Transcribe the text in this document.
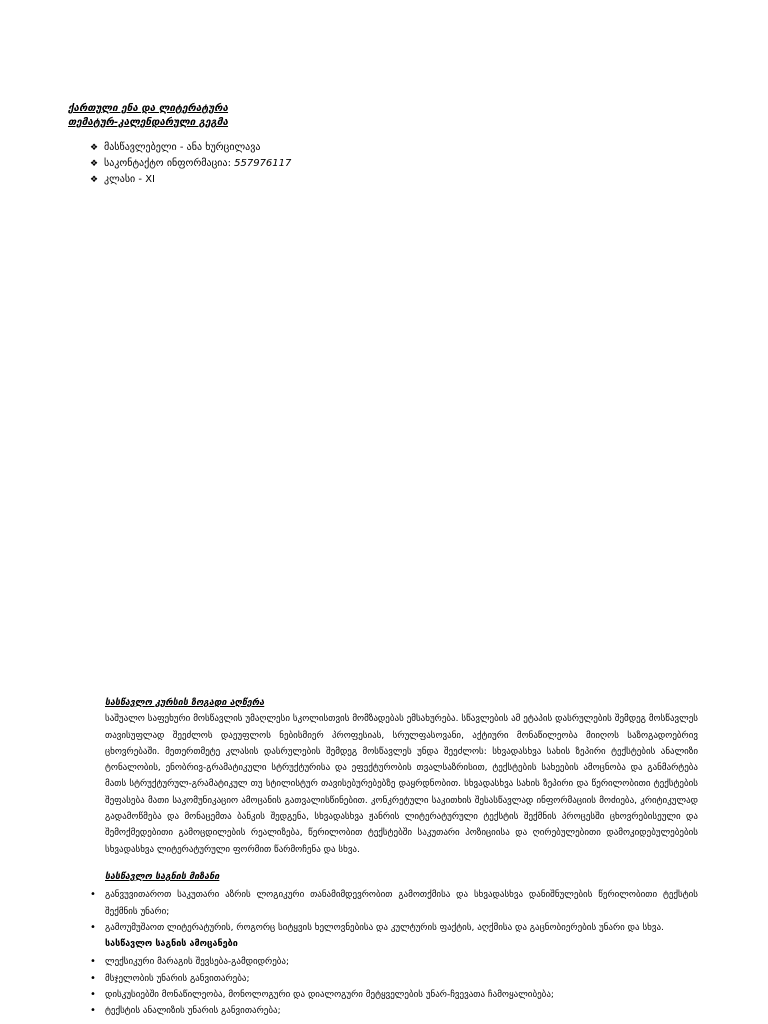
ქართული ენა და ლიტერატურა
თემატურ-კალენდარული გეგმა
❖ მასწავლებელი - ანა ხურცილავა
❖ საკონტაქტო ინფორმაცია: 557976117
❖ კლასი - XI
სასწავლო კურსის ზოგადი აღწერა

საშუალო საფეხური მოსწავლის უმაღლესი სკოლისთვის მომზადებას ემსახურება. სწავლების ამ ეტაპის დასრულების შემდეგ მოსწავლეს თავისუფლად შეეძლოს დაეუფლოს ნებისმიერ პროფესიას, სრულფასოვანი, აქტიური მონაწილეობა მიიღოს საზოგადოებრივ ცხოვრებაში. მეთერთმეტე კლასის დასრულების შემდეგ მოსწავლეს უნდა შეეძლოს: სხვადასხვა სახის ზეპირი ტექსტების ანალიზი ტონალობის, ენობრივ-გრამატიკული სტრუქტურისა და ეფექტურობის თვალსაზრისით, ტექსტების სახეების ამოცნობა და განმარტება მათს სტრუქტურულ-გრამატიკულ თუ სტილისტურ თავისებურებებზე დაყრდნობით. სხვადასხვა სახის ზეპირი და წერილობითი ტექსტების შეფასება მათი საკომუნიკაციო ამოცანის გათვალისწინებით. კონკრეტული საკითხის შესასწავლად ინფორმაციის მოძიება, კრიტიკულად გადამოწმება და მონაცემთა ბანკის შედგენა, სხვადასხვა ჟანრის ლიტერატურული ტექსტის შექმნის პროცესში ცხოვრებისეული და შემოქმედებითი გამოცდილების რეალიზება, წერილობით ტექსტებში საკუთარი პოზიციისა და ღირებულებითი დამოკიდებულებების სხვადასხვა ლიტერატურული ფორმით წარმოჩენა და სხვა.

სასწავლო საგნის მიზანი
• განვუვითაროთ საკუთარი აზრის ლოგიკური თანამიმდევრობით გამოთქმისა და სხვადასხვა დანიშნულების წერილობითი ტექსტის შექმნის უნარი;
• გამოუმუშაოთ ლიტერატურის, როგორც სიტყვის ხელოვნებისა და კულტურის ფაქტის, აღქმისა და გაცნობიერების უნარი და სხვა.
სასწავლო საგნის ამოცანები
• ლექსიკური მარაგის შევსება-გამდიდრება;
• მსჯელობის უნარის განვითარება;
• დისკუსიებში მონაწილეობა, მონოლოგური და დიალოგური მეტყველების უნარ-ჩვევათა ჩამოყალიბება;
• ტექსტის ანალიზის უნარის განვითარება;
